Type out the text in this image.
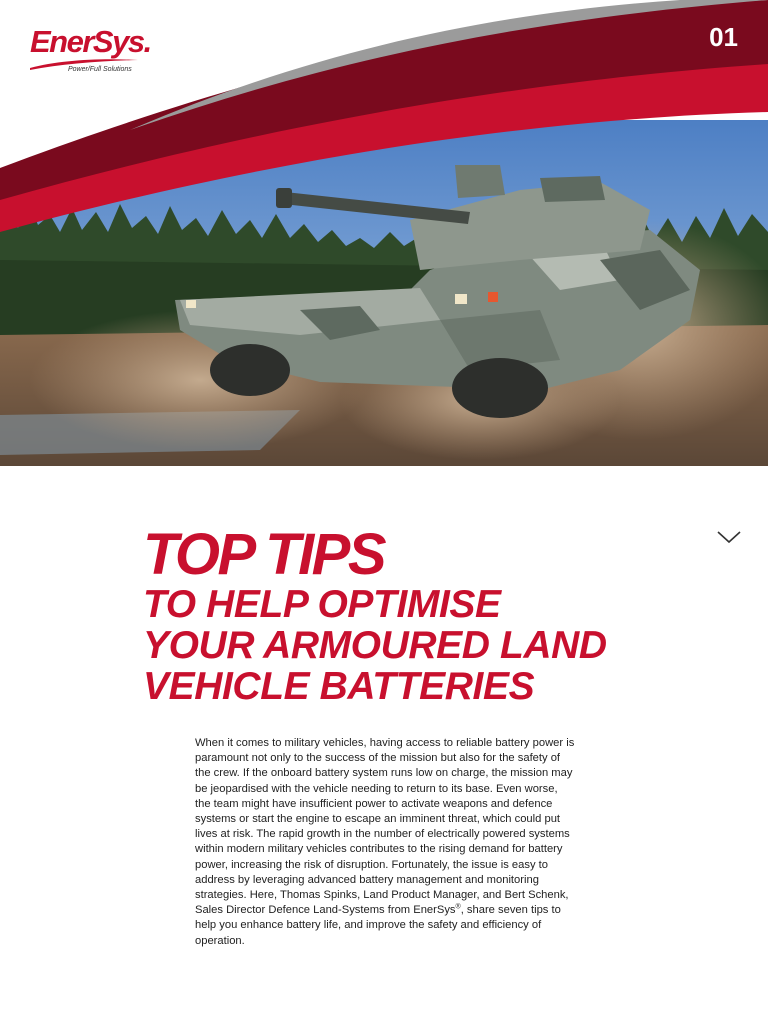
EnerSys.
Power/Full Solutions
01
TOP TIPS
TO HELP OPTIMISE
YOUR ARMOURED LAND
VEHICLE BATTERIES

When it comes to military vehicles, having access to reliable battery power is paramount not only to the success of the mission but also for the safety of the crew. If the onboard battery system runs low on charge, the mission may be jeopardised with the vehicle needing to return to its base. Even worse, the team might have insufficient power to activate weapons and defence systems or start the engine to escape an imminent threat, which could put lives at risk. The rapid growth in the number of electrically powered systems within modern military vehicles contributes to the rising demand for battery power, increasing the risk of disruption. Fortunately, the issue is easy to address by leveraging advanced battery management and monitoring strategies. Here, Thomas Spinks, Land Product Manager, and Bert Schenk, Sales Director Defence Land-Systems from EnerSys®, share seven tips to help you enhance battery life, and improve the safety and efficiency of operation.
